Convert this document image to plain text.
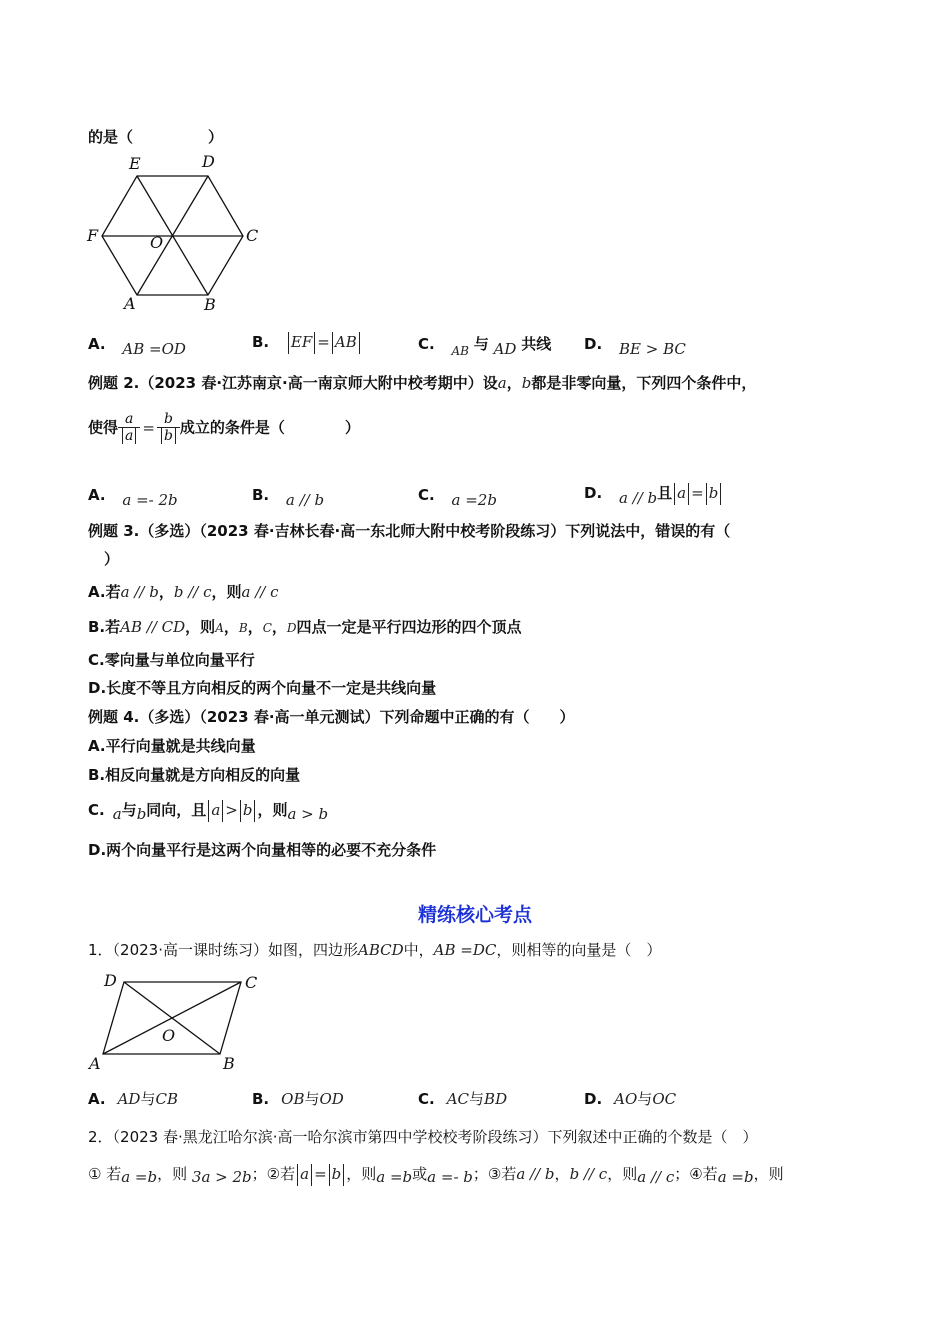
的是（　　　　　）
E	D
F	O	C
A	B
A. AB =OD	B. EF = AB	C. $_{AB}$ 与 AD 共线 D. BE > BC
例题 2.（2023 春·江苏南京·高一南京师大附中校考期中）设a，b都是非零向量，下列四个条件中，
使得 $\frac{a}{a} = \frac{b}{b}$ 成立的条件是（　　　　）
A. a =- 2b	B. a // b	C. a =2b	D. a // b且 a = b
例题 3.（多选）（2023 春·吉林长春·高一东北师大附中校考阶段练习）下列说法中，错误的有（
）
A.若a // b，b // c，则a // c
B.若AB // CD，则A，B，C，D四点一定是平行四边形的四个顶点
C.零向量与单位向量平行
D.长度不等且方向相反的两个向量不一定是共线向量
例题 4.（多选）（2023 春·高一单元测试）下列命题中正确的有（　　）
A.平行向量就是共线向量
B.相反向量就是方向相反的向量
C. a与b同向，且 a > b ，则a > b
D.两个向量平行是这两个向量相等的必要不充分条件
精练核心考点
1．（2023·高一课时练习）如图，四边形ABCD中，AB =DC，则相等的向量是（　）
D	C
O
A	B
A. AD与CB	B. OB与OD	C. AC与BD	D. AO与OC
2．（2023 春·黑龙江哈尔滨·高一哈尔滨市第四中学校校考阶段练习）下列叙述中正确的个数是（　）
① 若a =b，则 3a > 2b；②若 a = b ，则a =b或a =- b；③若a // b，b // c，则a // c；④若a =b，则
